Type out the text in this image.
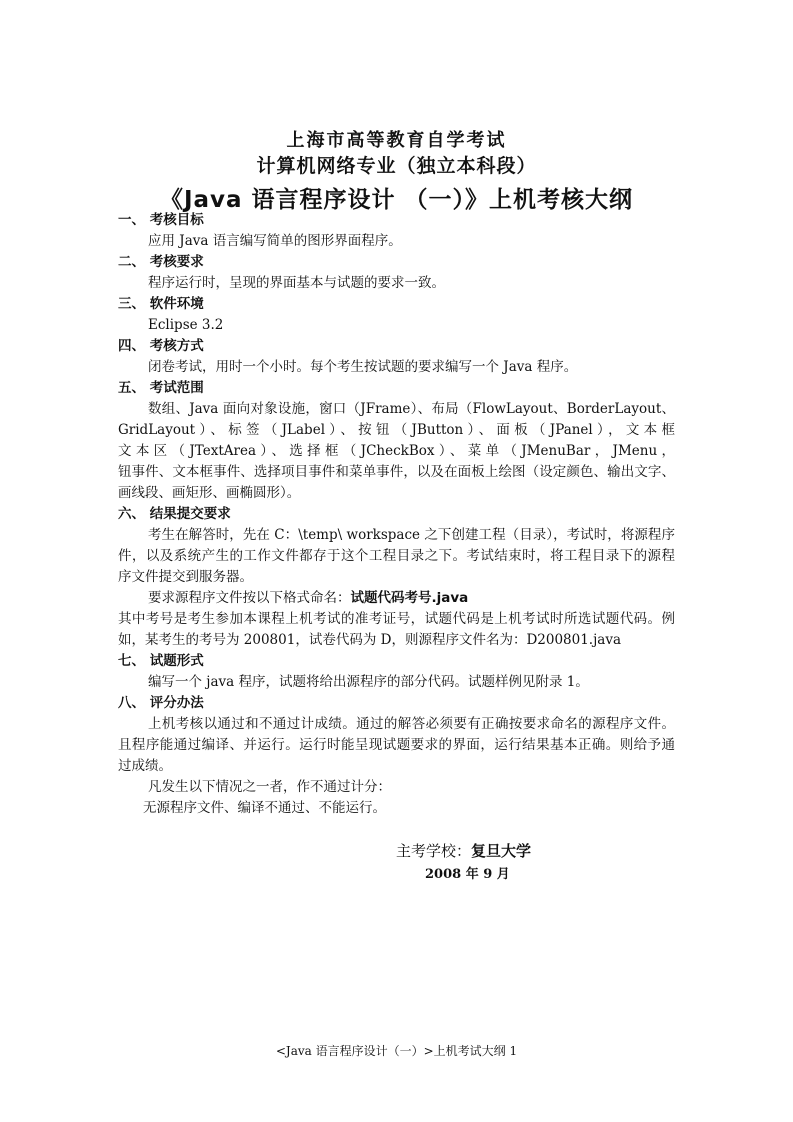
上海市高等教育自学考试
计算机网络专业（独立本科段）
《Java 语言程序设计 （一）》上机考核大纲
一、 考核目标
应用 Java 语言编写简单的图形界面程序。
二、 考核要求
程序运行时，呈现的界面基本与试题的要求一致。
三、 软件环境
Eclipse 3.2
四、 考核方式
闭卷考试，用时一个小时。每个考生按试题的要求编写一个 Java 程序。
五、 考试范围
数组、Java 面向对象设施，窗口（JFrame）、布局（FlowLayout、BorderLayout、
GridLayout）、标签（JLabel）、按钮（JButton）、面板（JPanel），文本框
文本区（JTextArea）、选择框（JCheckBox）、菜单（JMenuBar，JMenu，
钮事件、文本框事件、选择项目事件和菜单事件，以及在面板上绘图（设定颜色、输出文字、
画线段、画矩形、画椭圆形）。
六、 结果提交要求
考生在解答时，先在 C：\temp\ workspace 之下创建工程（目录），考试时，将源程序
件，以及系统产生的工作文件都存于这个工程目录之下。考试结束时，将工程目录下的源程
序文件提交到服务器。
要求源程序文件按以下格式命名：试题代码考号.java
其中考号是考生参加本课程上机考试的准考证号，试题代码是上机考试时所选试题代码。例
如，某考生的考号为 200801，试卷代码为 D，则源程序文件名为：D200801.java
七、 试题形式
编写一个 java 程序，试题将给出源程序的部分代码。试题样例见附录 1。
八、 评分办法
上机考核以通过和不通过计成绩。通过的解答必须要有正确按要求命名的源程序文件。
且程序能通过编译、并运行。运行时能呈现试题要求的界面，运行结果基本正确。则给予通
过成绩。
凡发生以下情况之一者，作不通过计分：
无源程序文件、编译不通过、不能运行。
主考学校：复旦大学
2008 年 9 月
<Java 语言程序设计（一）>上机考试大纲 1
